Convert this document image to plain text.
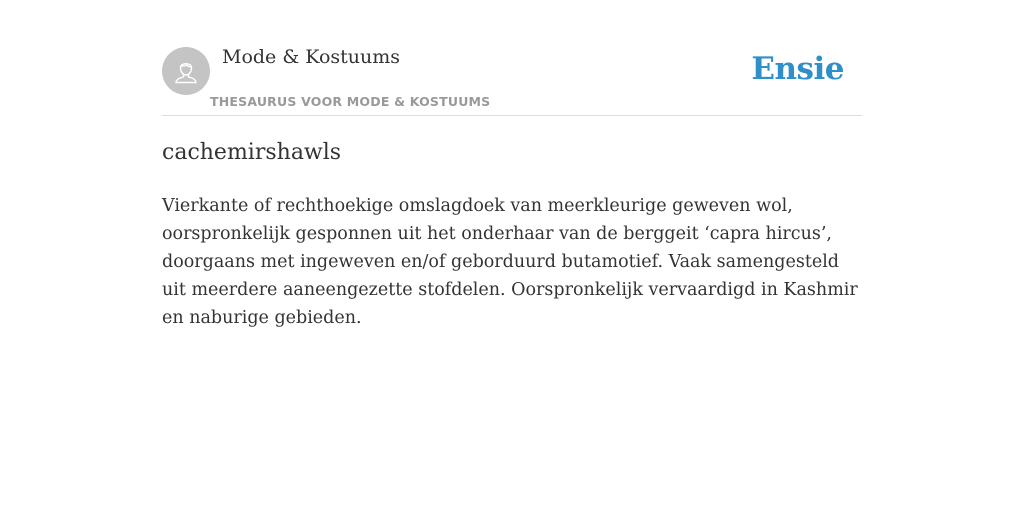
Mode & Kostuums
THESAURUS VOOR MODE & KOSTUUMS
Ensie
cachemirshawls

Vierkante of rechthoekige omslagdoek van meerkleurige geweven wol, oorspronkelijk gesponnen uit het onderhaar van de berggeit ‘capra hircus’, doorgaans met ingeweven en/of geborduurd butamotief. Vaak samengesteld uit meerdere aaneengezette stofdelen. Oorspronkelijk vervaardigd in Kashmir en naburige gebieden.
